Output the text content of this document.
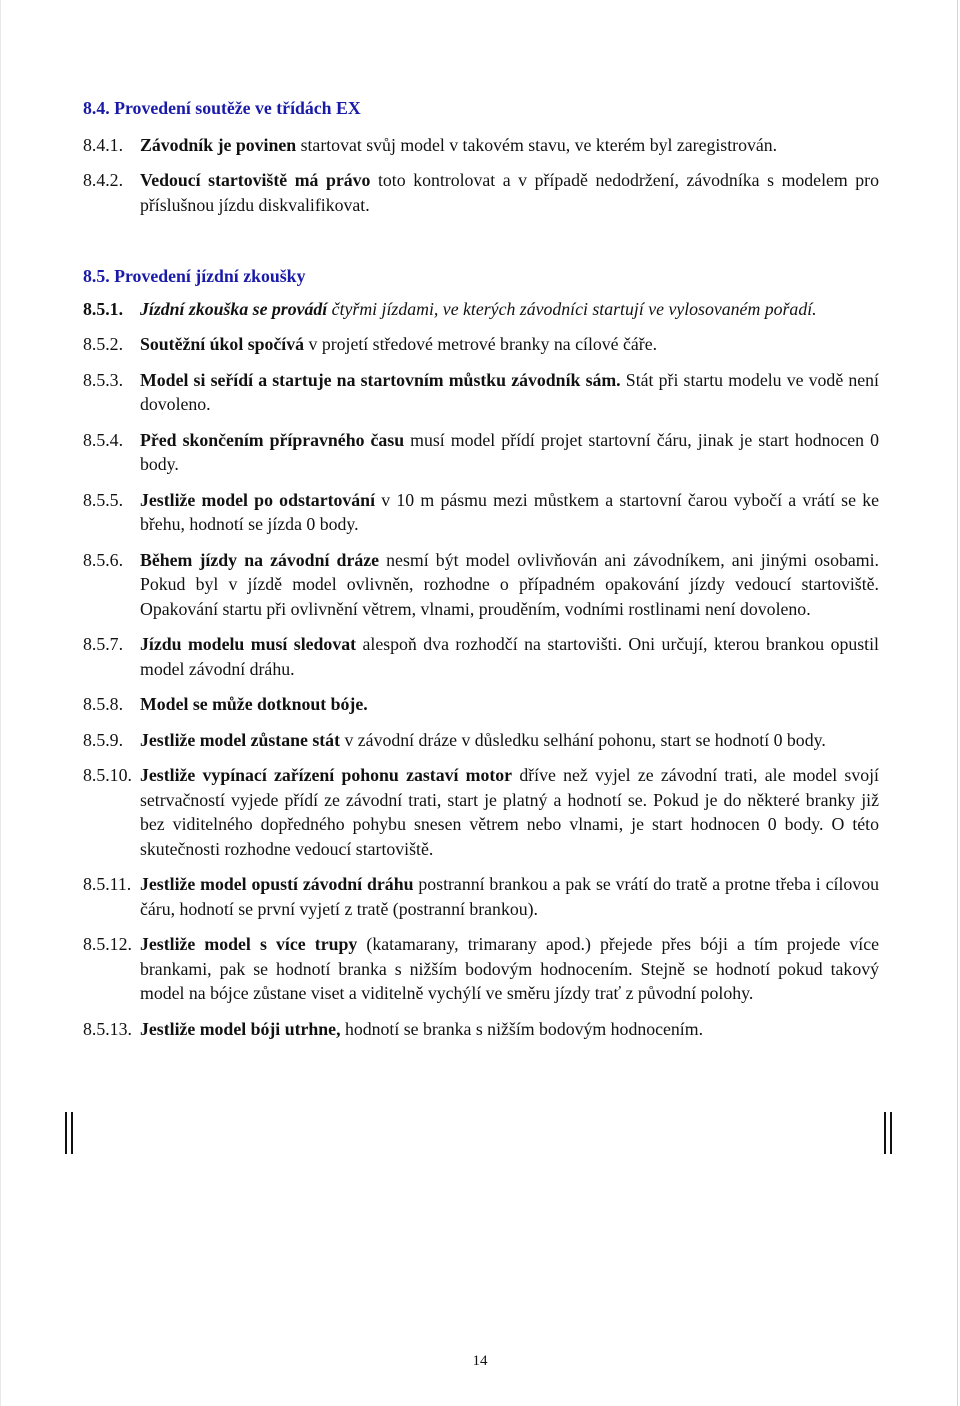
8.4. Provedení soutěže ve třídách EX

8.4.1. Závodník je povinen startovat svůj model v takovém stavu, ve kterém byl zaregistrován.
8.4.2. Vedoucí startoviště má právo toto kontrolovat a v případě nedodržení, závodníka s modelem pro příslušnou jízdu diskvalifikovat.

8.5. Provedení jízdní zkoušky

8.5.1. Jízdní zkouška se provádí čtyřmi jízdami, ve kterých závodníci startují ve vylosovaném pořadí.
8.5.2. Soutěžní úkol spočívá v projetí středové metrové branky na cílové čáře.
8.5.3. Model si seřídí a startuje na startovním můstku závodník sám. Stát při startu modelu ve vodě není dovoleno.
8.5.4. Před skončením přípravného času musí model přídí projet startovní čáru, jinak je start hodnocen 0 body.
8.5.5. Jestliže model po odstartování v 10 m pásmu mezi můstkem a startovní čarou vybočí a vrátí se ke břehu, hodnotí se jízda 0 body.
8.5.6. Během jízdy na závodní dráze nesmí být model ovlivňován ani závodníkem, ani jinými osobami. Pokud byl v jízdě model ovlivněn, rozhodne o případném opakování jízdy vedoucí startoviště. Opakování startu při ovlivnění větrem, vlnami, prouděním, vodními rostlinami není dovoleno.
8.5.7. Jízdu modelu musí sledovat alespoň dva rozhodčí na startovišti. Oni určují, kterou brankou opustil model závodní dráhu.
8.5.8. Model se může dotknout bóje.
8.5.9. Jestliže model zůstane stát v závodní dráze v důsledku selhání pohonu, start se hodnotí 0 body.
8.5.10. Jestliže vypínací zařízení pohonu zastaví motor dříve než vyjel ze závodní trati, ale model svojí setrvačností vyjede přídí ze závodní trati, start je platný a hodnotí se. Pokud je do některé branky již bez viditelného dopředného pohybu snesen větrem nebo vlnami, je start hodnocen 0 body. O této skutečnosti rozhodne vedoucí startoviště.
8.5.11. Jestliže model opustí závodní dráhu postranní brankou a pak se vrátí do tratě a protne třeba i cílovou čáru, hodnotí se první vyjetí z tratě (postranní brankou).
8.5.12. Jestliže model s více trupy (katamarany, trimarany apod.) přejede přes bóji a tím projede více brankami, pak se hodnotí branka s nižším bodovým hodnocením. Stejně se hodnotí pokud takový model na bójce zůstane viset a viditelně vychýlí ve směru jízdy trať z původní polohy.
8.5.13. Jestliže model bóji utrhne, hodnotí se branka s nižším bodovým hodnocením.
14
